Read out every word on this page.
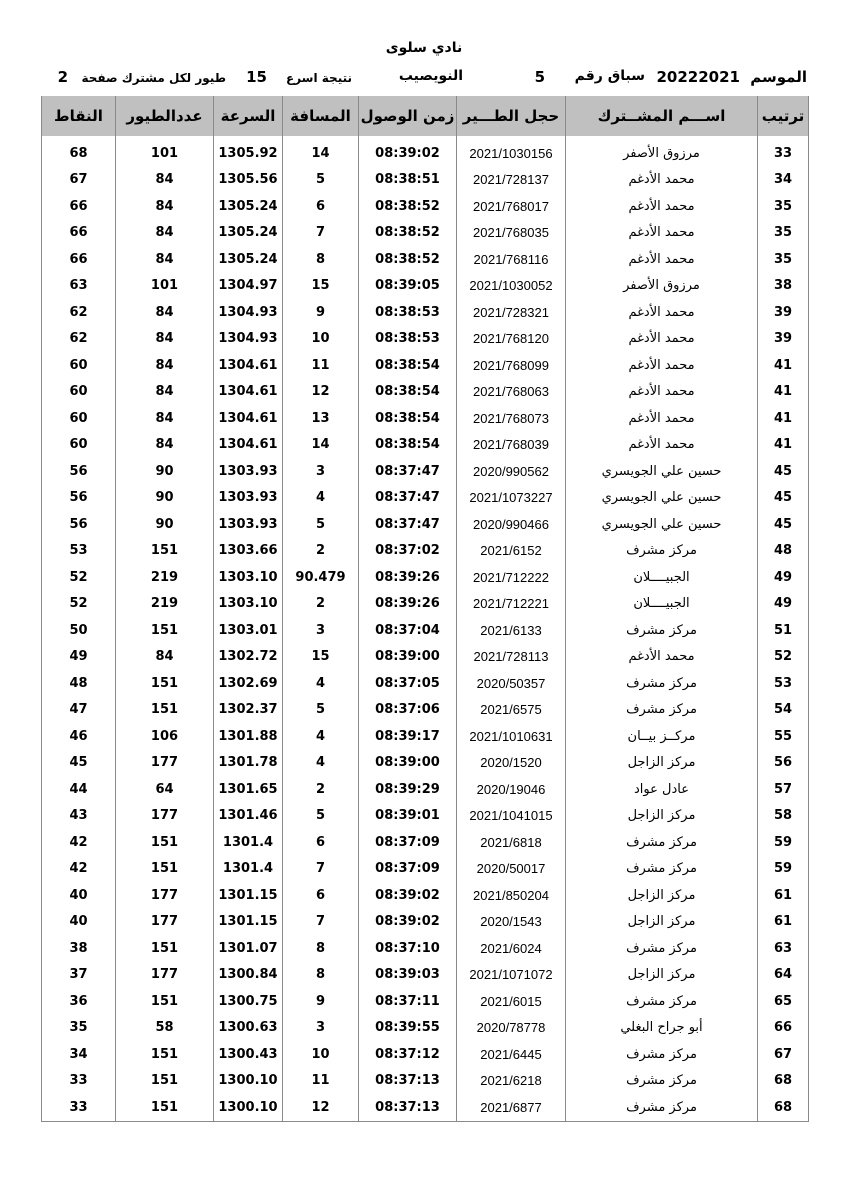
نادي سلوى
الموسم
20222021
سباق رقم
5
النويصيب
نتيجة اسرع
15
طيور لكل مشترك صفحة
2
ترتيب	اســـم المشــترك	حجل الطـــير	زمن الوصول	المسافة	السرعة	عددالطيور	النقاط

33	مرزوق الأصفر	2021/1030156	08:39:02	14	1305.92	101	68
34	محمد الأدغم	2021/728137	08:38:51	5	1305.56	84	67
35	محمد الأدغم	2021/768017	08:38:52	6	1305.24	84	66
35	محمد الأدغم	2021/768035	08:38:52	7	1305.24	84	66
35	محمد الأدغم	2021/768116	08:38:52	8	1305.24	84	66
38	مرزوق الأصفر	2021/1030052	08:39:05	15	1304.97	101	63
39	محمد الأدغم	2021/728321	08:38:53	9	1304.93	84	62
39	محمد الأدغم	2021/768120	08:38:53	10	1304.93	84	62
41	محمد الأدغم	2021/768099	08:38:54	11	1304.61	84	60
41	محمد الأدغم	2021/768063	08:38:54	12	1304.61	84	60
41	محمد الأدغم	2021/768073	08:38:54	13	1304.61	84	60
41	محمد الأدغم	2021/768039	08:38:54	14	1304.61	84	60
45	حسين علي الجويسري	2020/990562	08:37:47	3	1303.93	90	56
45	حسين علي الجويسري	2021/1073227	08:37:47	4	1303.93	90	56
45	حسين علي الجويسري	2020/990466	08:37:47	5	1303.93	90	56
48	مركز مشرف	2021/6152	08:37:02	2	1303.66	151	53
49	الجبيــــلان	2021/712222	08:39:26	90.479	1303.10	219	52
49	الجبيــــلان	2021/712221	08:39:26	2	1303.10	219	52
51	مركز مشرف	2021/6133	08:37:04	3	1303.01	151	50
52	محمد الأدغم	2021/728113	08:39:00	15	1302.72	84	49
53	مركز مشرف	2020/50357	08:37:05	4	1302.69	151	48
54	مركز مشرف	2021/6575	08:37:06	5	1302.37	151	47
55	مركــز بيــان	2021/1010631	08:39:17	4	1301.88	106	46
56	مركز الزاجل	2020/1520	08:39:00	4	1301.78	177	45
57	عادل عواد	2020/19046	08:39:29	2	1301.65	64	44
58	مركز الزاجل	2021/1041015	08:39:01	5	1301.46	177	43
59	مركز مشرف	2021/6818	08:37:09	6	1301.4	151	42
59	مركز مشرف	2020/50017	08:37:09	7	1301.4	151	42
61	مركز الزاجل	2021/850204	08:39:02	6	1301.15	177	40
61	مركز الزاجل	2020/1543	08:39:02	7	1301.15	177	40
63	مركز مشرف	2021/6024	08:37:10	8	1301.07	151	38
64	مركز الزاجل	2021/1071072	08:39:03	8	1300.84	177	37
65	مركز مشرف	2021/6015	08:37:11	9	1300.75	151	36
66	أبو جراح البغلي	2020/78778	08:39:55	3	1300.63	58	35
67	مركز مشرف	2021/6445	08:37:12	10	1300.43	151	34
68	مركز مشرف	2021/6218	08:37:13	11	1300.10	151	33
68	مركز مشرف	2021/6877	08:37:13	12	1300.10	151	33
